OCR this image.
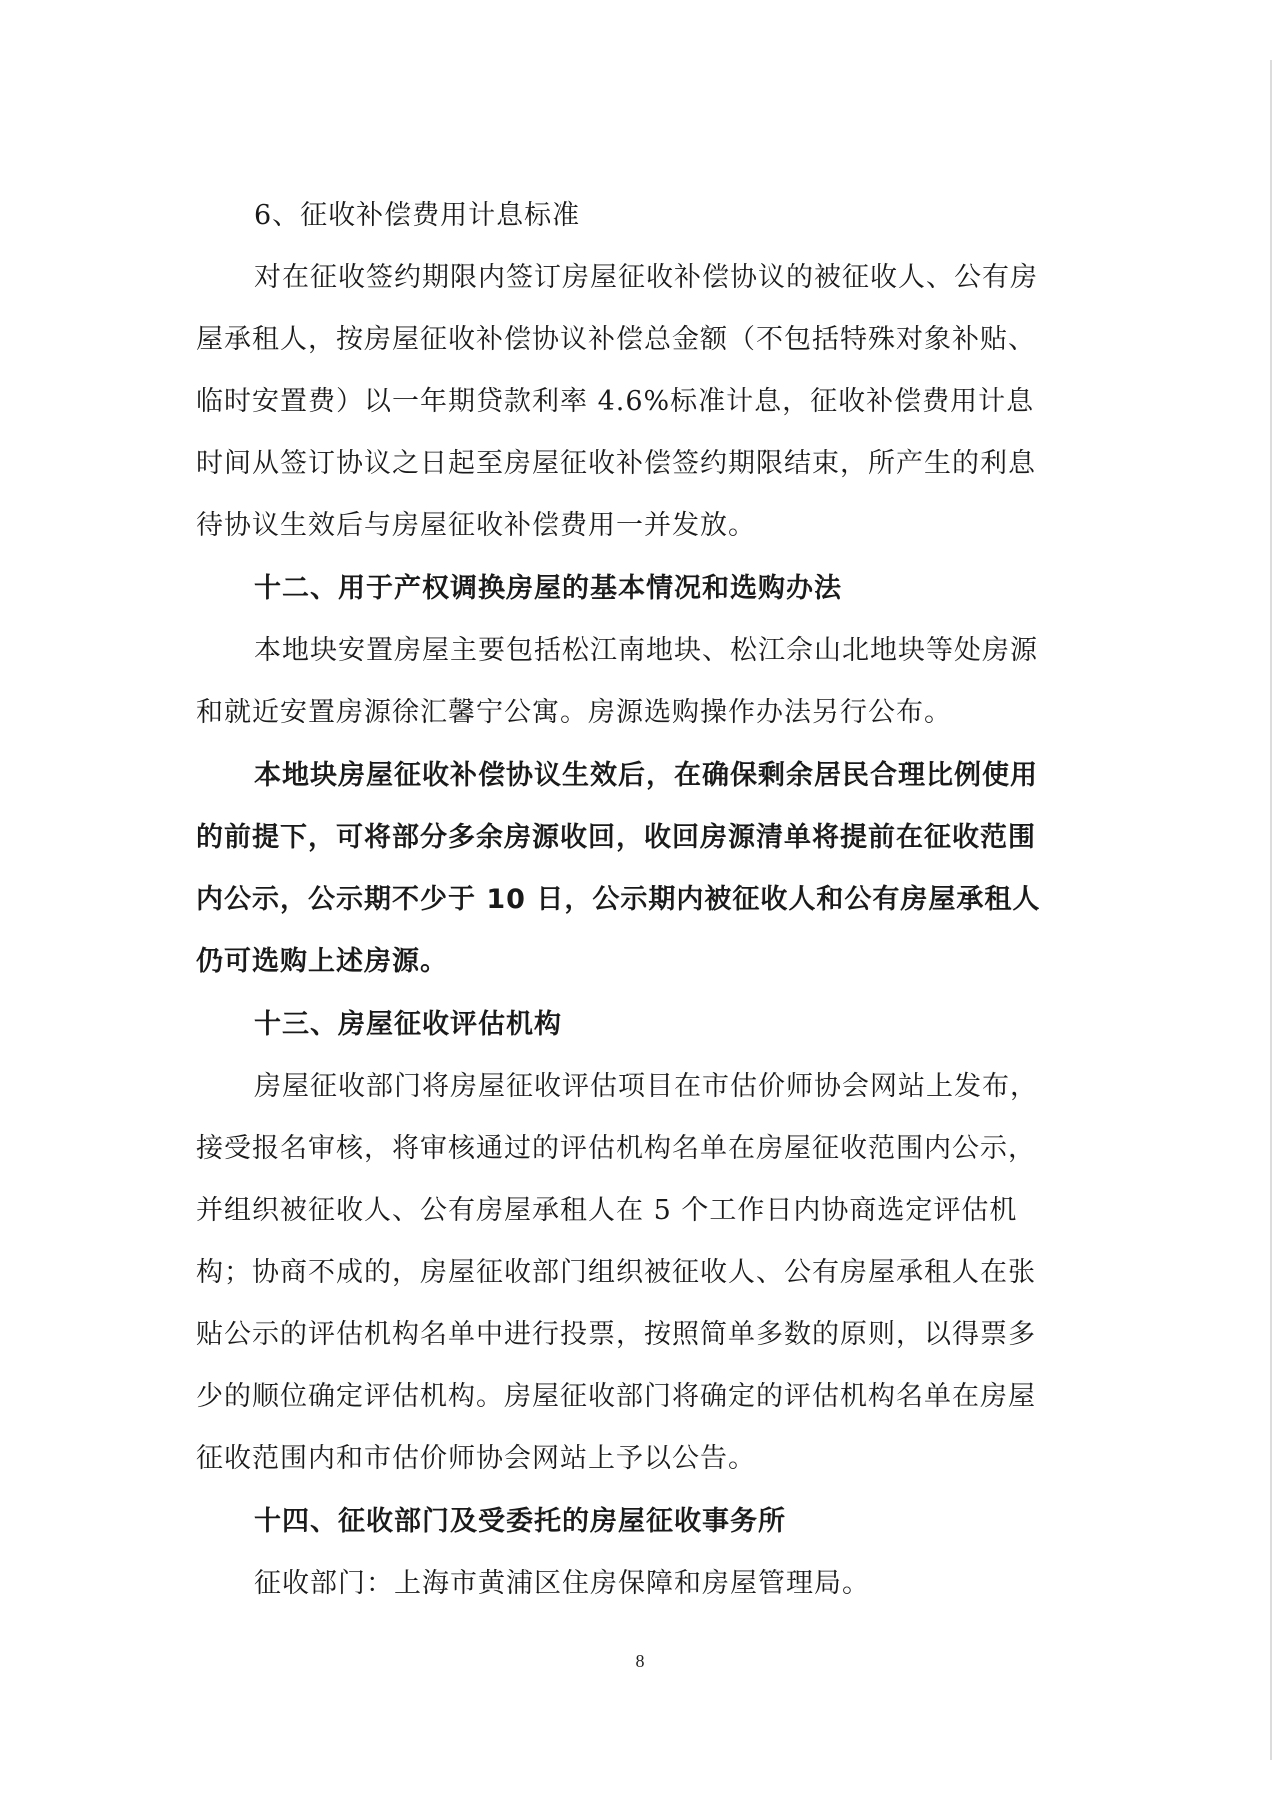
6、征收补偿费用计息标准

对在征收签约期限内签订房屋征收补偿协议的被征收人、公有房

屋承租人，按房屋征收补偿协议补偿总金额（不包括特殊对象补贴、

临时安置费）以一年期贷款利率 4.6%标准计息，征收补偿费用计息

时间从签订协议之日起至房屋征收补偿签约期限结束，所产生的利息

待协议生效后与房屋征收补偿费用一并发放。

十二、用于产权调换房屋的基本情况和选购办法

本地块安置房屋主要包括松江南地块、松江佘山北地块等处房源

和就近安置房源徐汇馨宁公寓。房源选购操作办法另行公布。

本地块房屋征收补偿协议生效后，在确保剩余居民合理比例使用

的前提下，可将部分多余房源收回，收回房源清单将提前在征收范围

内公示，公示期不少于 10 日，公示期内被征收人和公有房屋承租人

仍可选购上述房源。

十三、房屋征收评估机构

房屋征收部门将房屋征收评估项目在市估价师协会网站上发布，

接受报名审核，将审核通过的评估机构名单在房屋征收范围内公示，

并组织被征收人、公有房屋承租人在 5 个工作日内协商选定评估机

构；协商不成的，房屋征收部门组织被征收人、公有房屋承租人在张

贴公示的评估机构名单中进行投票，按照简单多数的原则，以得票多

少的顺位确定评估机构。房屋征收部门将确定的评估机构名单在房屋

征收范围内和市估价师协会网站上予以公告。

十四、征收部门及受委托的房屋征收事务所

征收部门：上海市黄浦区住房保障和房屋管理局。

8
